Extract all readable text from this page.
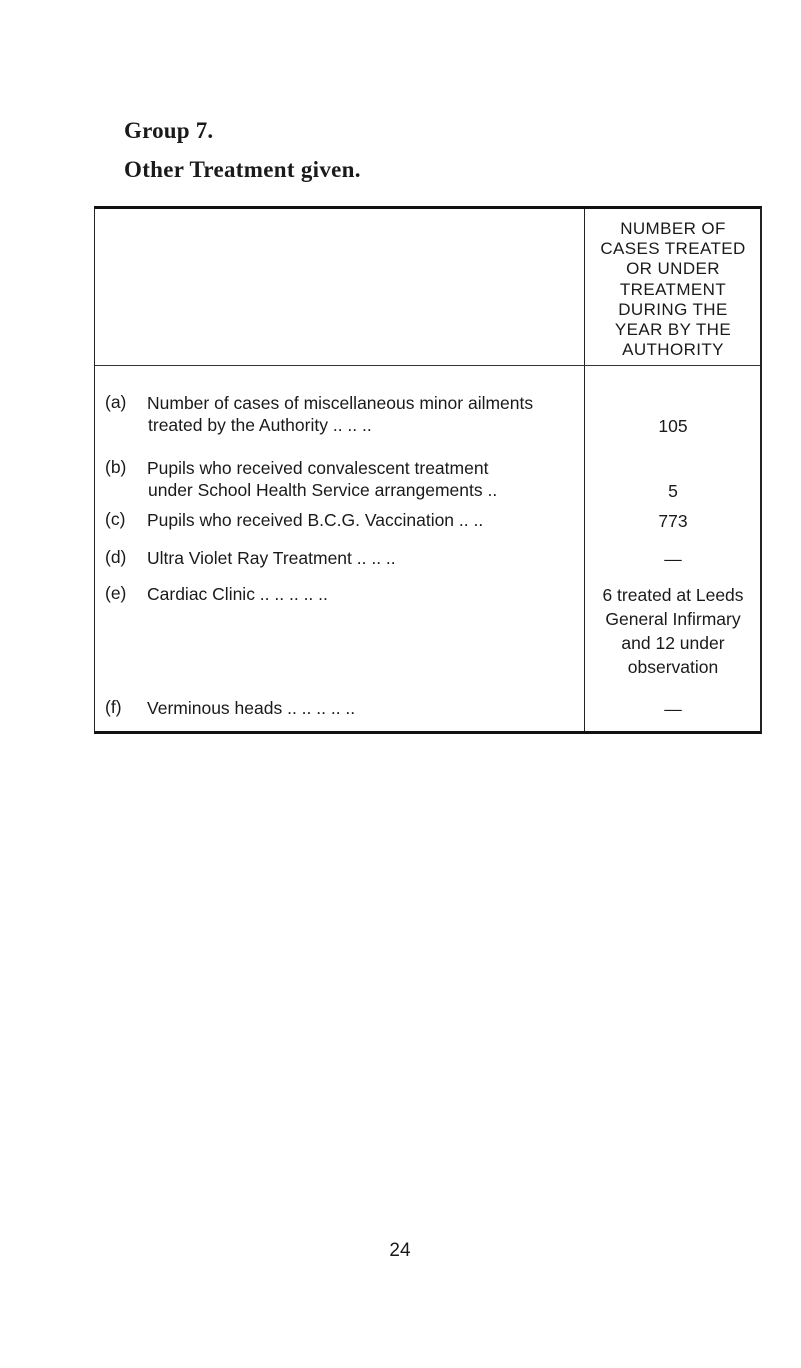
Group 7.
Other Treatment given.
NUMBER OF
CASES TREATED
OR UNDER
TREATMENT
DURING THE
YEAR BY THE
AUTHORITY
(a) Number of cases of miscellaneous minor ailments
treated by the Authority .. .. ..	105
(b) Pupils who received convalescent treatment
under School Health Service arrangements ..	5
(c) Pupils who received B.C.G. Vaccination .. ..	773
(d) Ultra Violet Ray Treatment .. .. ..	—
(e) Cardiac Clinic .. .. .. .. ..	6 treated at Leeds
General Infirmary
and 12 under
observation
(f) Verminous heads .. .. .. .. ..	—
24
